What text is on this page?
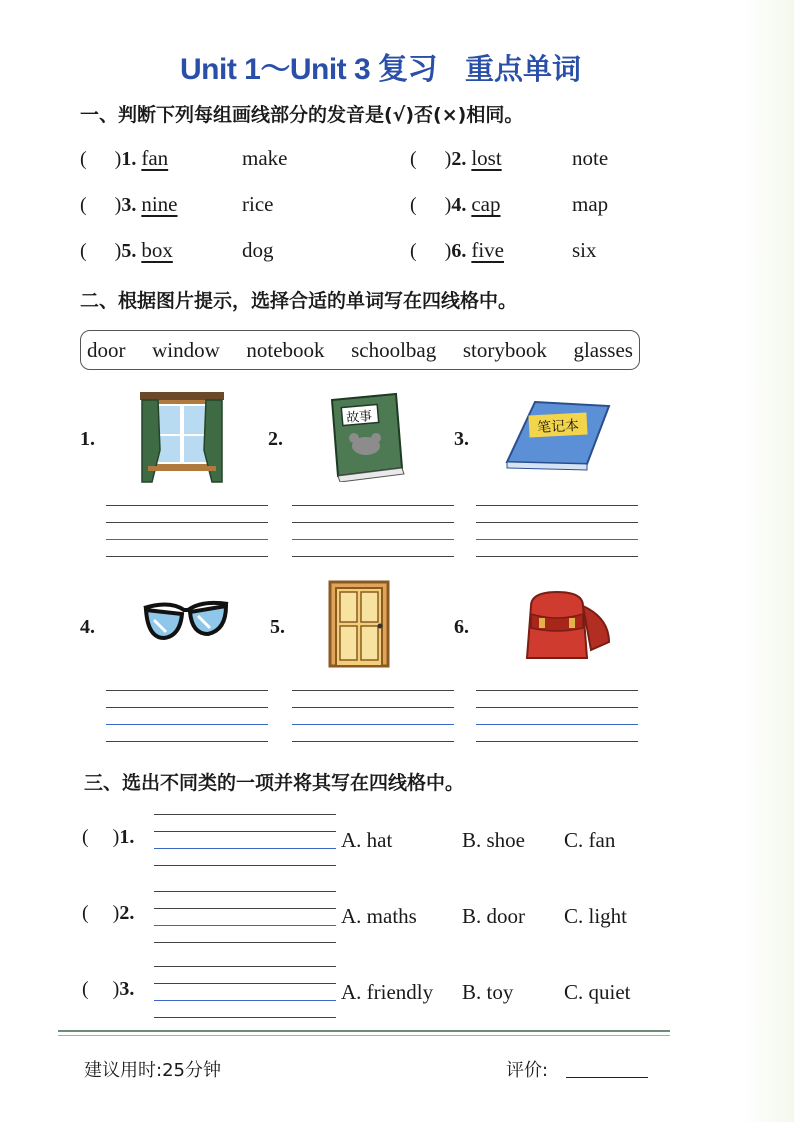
Unit 1～Unit 3 复习 重点单词
一、判断下列每组画线部分的发音是(√)否(×)相同。
( )1. fan	make	( )2. lost	note
( )3. nine	rice	( )4. cap	map
( )5. box	dog	( )6. five	six
二、根据图片提示，选择合适的单词写在四线格中。
door window notebook schoolbag storybook glasses
1.	2.
故事
3.
笔记本
4.	5.	6.
三、选出不同类的一项并将其写在四线格中。
( )1.	A. hat	B. shoe C. fan
( )2.	A. maths B. door C. light
( )3.	A. friendly B. toy C. quiet
建议用时:25分钟	评价:
